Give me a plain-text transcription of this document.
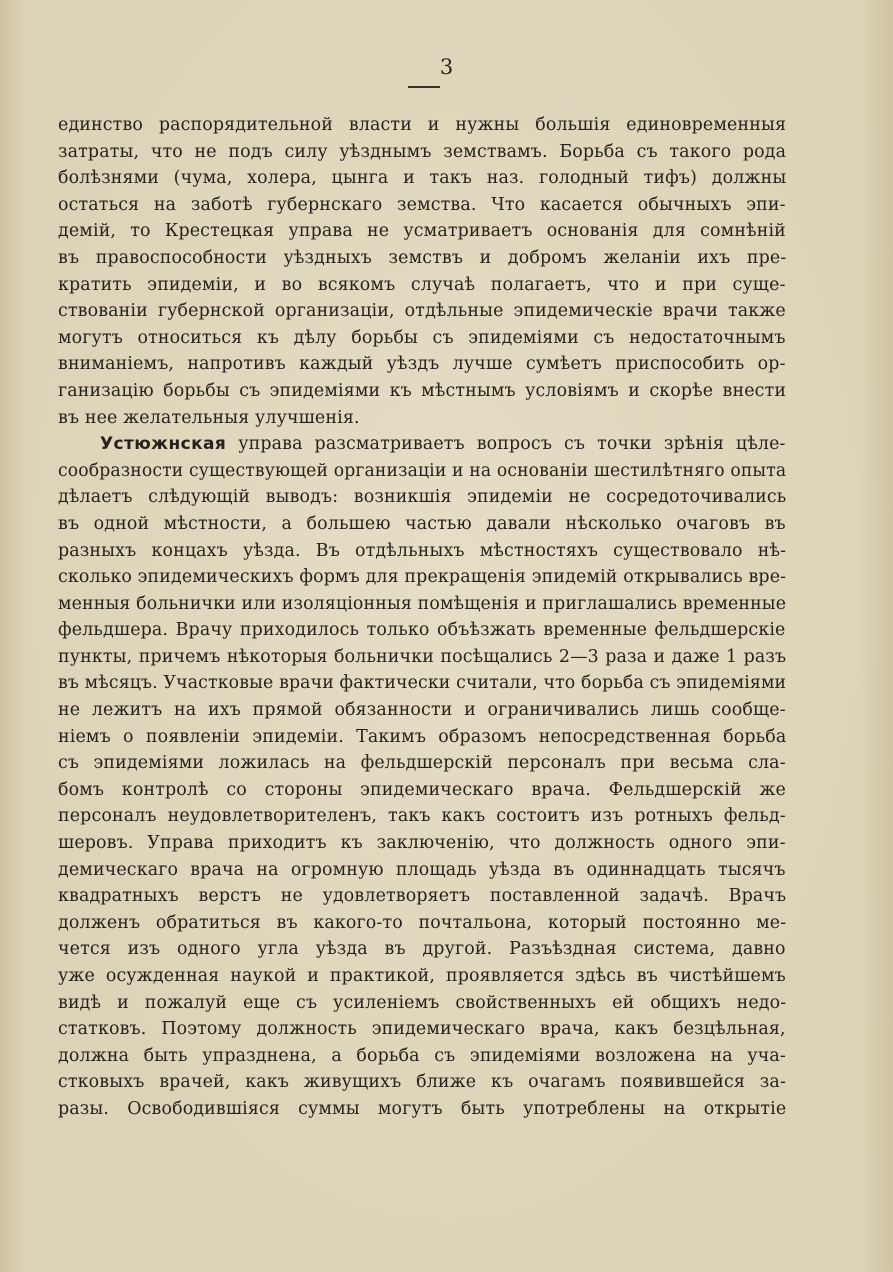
3
единство распорядительной власти и нужны большія единовременныя
затраты, что не подъ силу уѣзднымъ земствамъ. Борьба съ такого рода
болѣзнями (чума, холера, цынга и такъ наз. голодный тифъ) должны
остаться на заботѣ губернскаго земства. Что касается обычныхъ эпи-
демій, то Крестецкая управа не усматриваетъ основанія для сомнѣній
въ правоспособности уѣздныхъ земствъ и добромъ желаніи ихъ пре-
кратить эпидеміи, и во всякомъ случаѣ полагаетъ, что и при суще-
ствованіи губернской организаціи, отдѣльные эпидемическіе врачи также
могутъ относиться къ дѣлу борьбы съ эпидеміями съ недостаточнымъ
вниманіемъ, напротивъ каждый уѣздъ лучше сумѣетъ приспособить ор-
ганизацію борьбы съ эпидеміями къ мѣстнымъ условіямъ и скорѣе внести
въ нее желательныя улучшенія.
Устюжнская управа разсматриваетъ вопросъ съ точки зрѣнія цѣле-
сообразности существующей организаціи и на основаніи шестилѣтняго опыта
дѣлаетъ слѣдующій выводъ: возникшія эпидеміи не сосредоточивались
въ одной мѣстности, а большею частью давали нѣсколько очаговъ въ
разныхъ концахъ уѣзда. Въ отдѣльныхъ мѣстностяхъ существовало нѣ-
сколько эпидемическихъ формъ для прекращенія эпидемій открывались вре-
менныя больнички или изоляціонныя помѣщенія и приглашались временные
фельдшера. Врачу приходилось только объѣзжать временные фельдшерскіе
пункты, причемъ нѣкоторыя больнички посѣщались 2—3 раза и даже 1 разъ
въ мѣсяцъ. Участковые врачи фактически считали, что борьба съ эпидеміями
не лежитъ на ихъ прямой обязанности и ограничивались лишь сообще-
ніемъ о появленіи эпидеміи. Такимъ образомъ непосредственная борьба
съ эпидеміями ложилась на фельдшерскій персоналъ при весьма сла-
бомъ контролѣ со стороны эпидемическаго врача. Фельдшерскій же
персоналъ неудовлетворителенъ, такъ какъ состоитъ изъ ротныхъ фельд-
шеровъ. Управа приходитъ къ заключенію, что должность одного эпи-
демическаго врача на огромную площадь уѣзда въ одиннадцать тысячъ
квадратныхъ верстъ не удовлетворяетъ поставленной задачѣ. Врачъ
долженъ обратиться въ какого-то почтальона, который постоянно ме-
чется изъ одного угла уѣзда въ другой. Разъѣздная система, давно
уже осужденная наукой и практикой, проявляется здѣсь въ чистѣйшемъ
видѣ и пожалуй еще съ усиленіемъ свойственныхъ ей общихъ недо-
статковъ. Поэтому должность эпидемическаго врача, какъ безцѣльная,
должна быть упразднена, а борьба съ эпидеміями возложена на уча-
стковыхъ врачей, какъ живущихъ ближе къ очагамъ появившейся за-
разы. Освободившіяся суммы могутъ быть употреблены на открытіе
